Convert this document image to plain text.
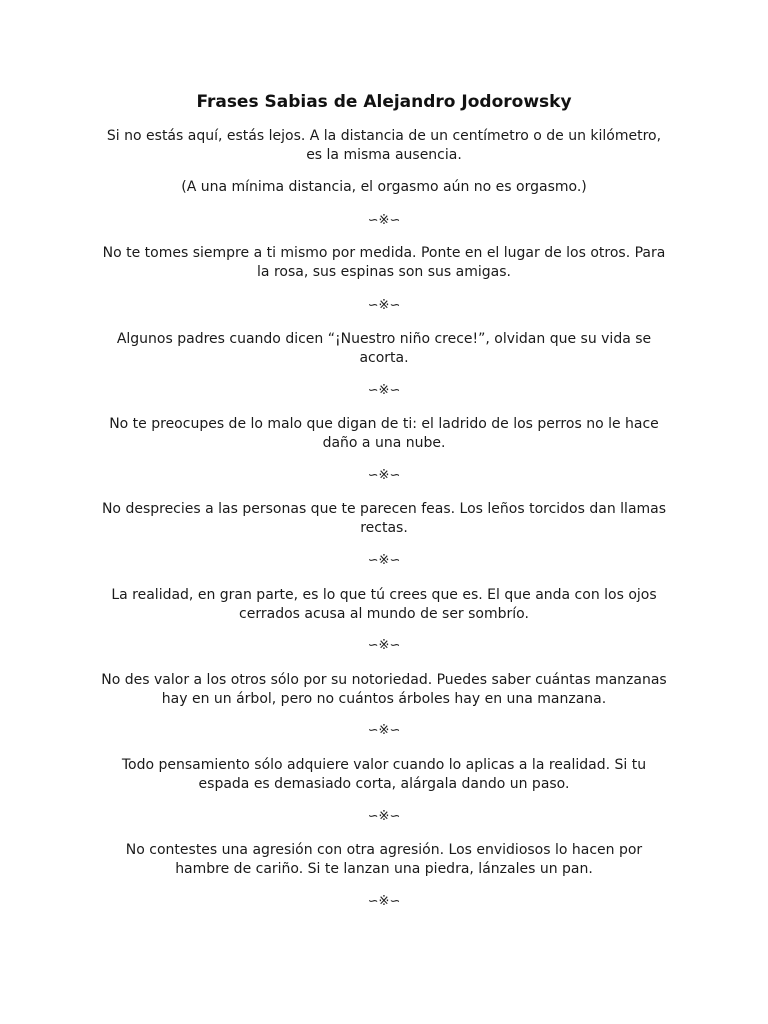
Frases Sabias de Alejandro Jodorowsky
Si no estás aquí, estás lejos. A la distancia de un centímetro o de un kilómetro, es la misma ausencia.
(A una mínima distancia, el orgasmo aún no es orgasmo.)
∽※∽
No te tomes siempre a ti mismo por medida. Ponte en el lugar de los otros. Para la rosa, sus espinas son sus amigas.
∽※∽
Algunos padres cuando dicen “¡Nuestro niño crece!”, olvidan que su vida se acorta.
∽※∽
No te preocupes de lo malo que digan de ti: el ladrido de los perros no le hace daño a una nube.
∽※∽
No desprecies a las personas que te parecen feas. Los leños torcidos dan llamas rectas.
∽※∽
La realidad, en gran parte, es lo que tú crees que es. El que anda con los ojos cerrados acusa al mundo de ser sombrío.
∽※∽
No des valor a los otros sólo por su notoriedad. Puedes saber cuántas manzanas hay en un árbol, pero no cuántos árboles hay en una manzana.
∽※∽
Todo pensamiento sólo adquiere valor cuando lo aplicas a la realidad. Si tu espada es demasiado corta, alárgala dando un paso.
∽※∽
No contestes una agresión con otra agresión. Los envidiosos lo hacen por hambre de cariño. Si te lanzan una piedra, lánzales un pan.
∽※∽
